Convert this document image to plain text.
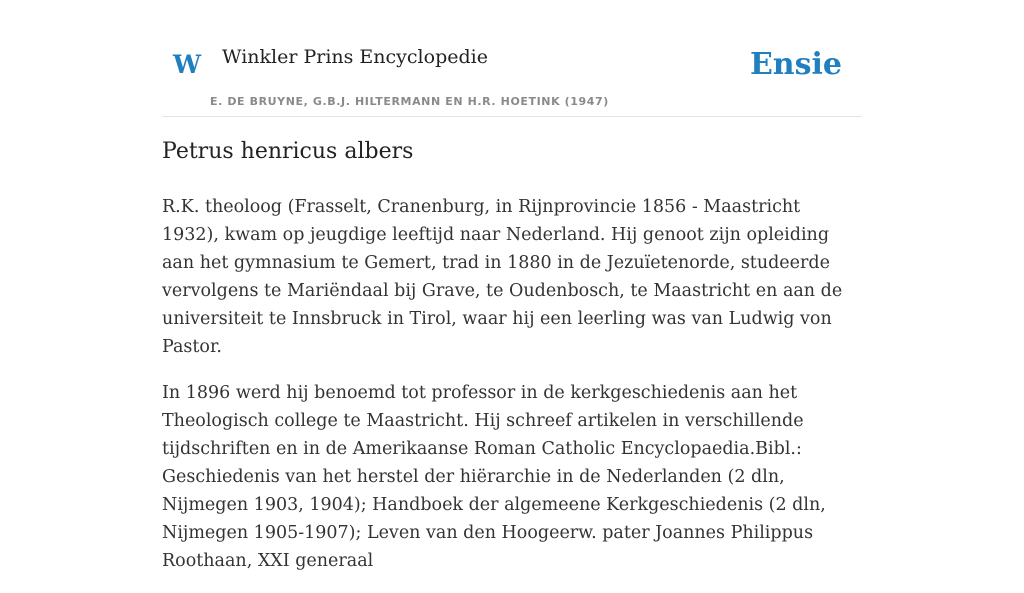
W Winkler Prins Encyclopedie
E. DE BRUYNE, G.B.J. HILTERMANN EN H.R. HOETINK (1947)
Ensie
Petrus henricus albers

R.K. theoloog (Frasselt, Cranenburg, in Rijnprovincie 1856 - Maastricht 1932), kwam op jeugdige leeftijd naar Nederland. Hij genoot zijn opleiding aan het gymnasium te Gemert, trad in 1880 in de Jezuïetenorde, studeerde vervolgens te Mariëndaal bij Grave, te Oudenbosch, te Maastricht en aan de universiteit te Innsbruck in Tirol, waar hij een leerling was van Ludwig von Pastor.

In 1896 werd hij benoemd tot professor in de kerkgeschiedenis aan het Theologisch college te Maastricht. Hij schreef artikelen in verschillende tijdschriften en in de Amerikaanse Roman Catholic Encyclopaedia.Bibl.: Geschiedenis van het herstel der hiërarchie in de Nederlanden (2 dln, Nijmegen 1903, 1904); Handboek der algemeene Kerkgeschiedenis (2 dln, Nijmegen 1905-1907); Leven van den Hoogeerw. pater Joannes Philippus Roothaan, XXI generaal
